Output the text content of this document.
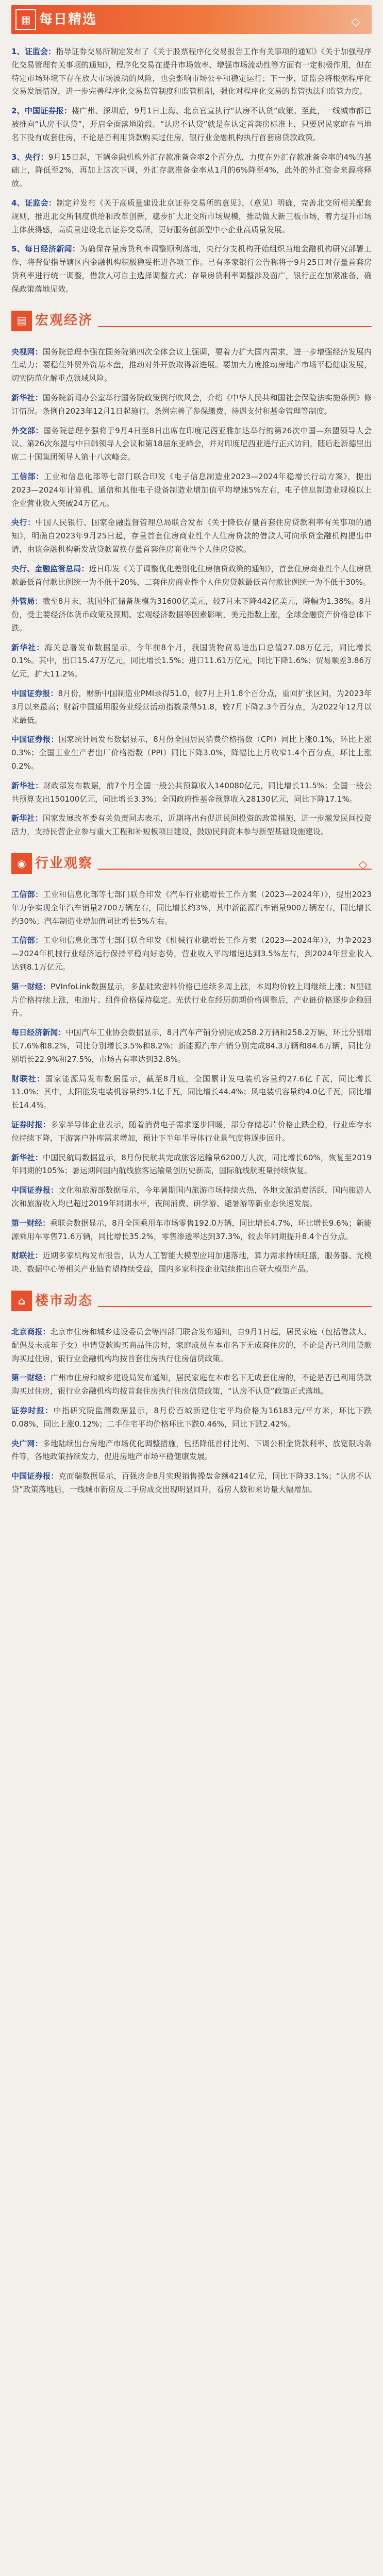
▦ 每日精选	◇

1、证监会：指导证券交易所制定发布了《关于股票程序化交易报告工作有关事项的通知》《关于加强程序化交易管理有关事项的通知》，程序化交易在提升市场效率、增强市场流动性等方面有一定积极作用，但在特定市场环境下存在放大市场波动的风险，也会影响市场公平和稳定运行；下一步，证监会将根据程序化交易发展情况，进一步完善程序化交易监管制度和监管机制，强化对程序化交易的监管执法和监管力度。

2、中国证券报：楼广州、深圳后，9月1日上海、北京官宣执行“认房不认贷”政策。至此，一线城市都已被推向“认房不认贷”，开启全面落地阶段。“认房不认贷”就是在认定首套房标准上，只要居民家庭在当地名下没有成套住房，不论是否利用贷款购买过住房，银行业金融机构执行首套房贷款政策。

3、央行：9月15日起，下调金融机构外汇存款准备金率2个百分点，力度在外汇存款准备金率的4%的基础上，降低至2%，再加上这次下调，外汇存款准备金率从1月的6%降至4%，此外的外汇资金来源将释放。

4、证监会：制定并发布《关于高质量建设北京证券交易所的意见》，（意见）明确，完善北交所相关配套规则，推进北交所制度供给和改革创新，稳步扩大北交所市场规模，推动做大新三板市场，着力提升市场主体获得感，高质量建设北京证券交易所，更好服务创新型中小企业高质量发展。

5、每日经济新闻：为确保存量房贷利率调整顺利落地，央行分支机构开始组织当地金融机构研究部署工作，将督促指导辖区内金融机构积极稳妥推进各项工作。已有多家银行公告称将于9月25日对存量首套房贷利率进行统一调整，借款人可自主选择调整方式；存量房贷利率调整涉及面广，银行正在加紧准备，确保政策落地见效。

▤ 宏观经济

央视网：国务院总理李强在国务院第四次全体会议上强调，要着力扩大国内需求，进一步增强经济发展内生动力；要稳住外贸外资基本盘，推动对外开放取得新进展。要加大力度推动房地产市场平稳健康发展，切实防范化解重点领域风险。

新华社：国务院新闻办公室举行国务院政策例行吹风会，介绍《中华人民共和国社会保险法实施条例》修订情况。条例自2023年12月1日起施行。条例完善了参保缴费、待遇支付和基金管理等制度。

外交部：国务院总理李强将于9月4日至8日出席在印度尼西亚雅加达举行的第26次中国—东盟领导人会议、第26次东盟与中日韩领导人会议和第18届东亚峰会，并对印度尼西亚进行正式访问，随后赴新德里出席二十国集团领导人第十八次峰会。

工信部：工业和信息化部等七部门联合印发《电子信息制造业2023—2024年稳增长行动方案》，提出2023—2024年计算机、通信和其他电子设备制造业增加值平均增速5%左右，电子信息制造业规模以上企业营业收入突破24万亿元。

央行：中国人民银行、国家金融监督管理总局联合发布《关于降低存量首套住房贷款利率有关事项的通知》，明确自2023年9月25日起，存量首套住房商业性个人住房贷款的借款人可向承贷金融机构提出申请，由该金融机构新发放贷款置换存量首套住房商业性个人住房贷款。

央行、金融监管总局：近日印发《关于调整优化差别化住房信贷政策的通知》，首套住房商业性个人住房贷款最低首付款比例统一为不低于20%，二套住房商业性个人住房贷款最低首付款比例统一为不低于30%。

外管局：截至8月末，我国外汇储备规模为31600亿美元，较7月末下降442亿美元，降幅为1.38%。8月份，受主要经济体货币政策及预期、宏观经济数据等因素影响，美元指数上涨，全球金融资产价格总体下跌。

新华社：海关总署发布数据显示，今年前8个月，我国货物贸易进出口总值27.08万亿元，同比增长0.1%。其中，出口15.47万亿元，同比增长1.5%；进口11.61万亿元，同比下降1.6%；贸易顺差3.86万亿元，扩大11.2%。

中国证券报：8月份，财新中国制造业PMI录得51.0，较7月上升1.8个百分点，重回扩张区间，为2023年3月以来最高；财新中国通用服务业经营活动指数录得51.8，较7月下降2.3个百分点，为2022年12月以来最低。

中国证券报：国家统计局发布数据显示，8月份全国居民消费价格指数（CPI）同比上涨0.1%，环比上涨0.3%；全国工业生产者出厂价格指数（PPI）同比下降3.0%，降幅比上月收窄1.4个百分点，环比上涨0.2%。

新华社：财政部发布数据，前7个月全国一般公共预算收入140080亿元，同比增长11.5%；全国一般公共预算支出150100亿元，同比增长3.3%；全国政府性基金预算收入28130亿元，同比下降17.1%。

新华社：国家发展改革委有关负责同志表示，近期将出台促进民间投资的政策措施，进一步激发民间投资活力，支持民营企业参与重大工程和补短板项目建设，鼓励民间资本参与新型基础设施建设。

◉ 行业观察	◇

工信部：工业和信息化部等七部门联合印发《汽车行业稳增长工作方案（2023—2024年）》，提出2023年力争实现全年汽车销量2700万辆左右，同比增长约3%，其中新能源汽车销量900万辆左右，同比增长约30%；汽车制造业增加值同比增长5%左右。

工信部：工业和信息化部等七部门联合印发《机械行业稳增长工作方案（2023—2024年）》，力争2023—2024年机械行业经济运行保持平稳向好态势，营业收入平均增速达到3.5%左右，到2024年营业收入达到8.1万亿元。

第一财经：PVInfoLink数据显示，多晶硅致密料价格已连续多周上涨，本周均价较上周继续上涨；N型硅片价格持续上涨，电池片、组件价格保持稳定。光伏行业在经历前期价格调整后，产业链价格逐步企稳回升。

每日经济新闻：中国汽车工业协会数据显示，8月汽车产销分别完成258.2万辆和258.2万辆，环比分别增长7.6%和8.2%，同比分别增长3.5%和8.2%；新能源汽车产销分别完成84.3万辆和84.6万辆，同比分别增长22.9%和27.5%，市场占有率达到32.8%。

财联社：国家能源局发布数据显示，截至8月底，全国累计发电装机容量约27.6亿千瓦，同比增长11.0%；其中，太阳能发电装机容量约5.1亿千瓦，同比增长44.4%；风电装机容量约4.0亿千瓦，同比增长14.4%。

证券时报：多家半导体企业表示，随着消费电子需求逐步回暖，部分存储芯片价格止跌企稳，行业库存水位持续下降，下游客户补库需求增加，预计下半年半导体行业景气度将逐步回升。

新华社：中国民航局数据显示，8月份民航共完成旅客运输量6200万人次，同比增长60%，恢复至2019年同期的105%；暑运期间国内航线旅客运输量创历史新高，国际航线航班量持续恢复。

中国证券报：文化和旅游部数据显示，今年暑期国内旅游市场持续火热，各地文旅消费活跃，国内旅游人次和旅游收入均已超过2019年同期水平，夜间消费、研学游、避暑游等新业态快速发展。

第一财经：乘联会数据显示，8月全国乘用车市场零售192.0万辆，同比增长4.7%，环比增长9.6%；新能源乘用车零售71.6万辆，同比增长35.2%，零售渗透率达到37.3%，较去年同期提升8.4个百分点。

财联社：近期多家机构发布报告，认为人工智能大模型应用加速落地，算力需求持续旺盛，服务器、光模块、数据中心等相关产业链有望持续受益，国内多家科技企业陆续推出自研大模型产品。

⌂ 楼市动态

北京商报：北京市住房和城乡建设委员会等四部门联合发布通知，自9月1日起，居民家庭（包括借款人、配偶及未成年子女）申请贷款购买商品住房时，家庭成员在本市名下无成套住房的，不论是否已利用贷款购买过住房，银行业金融机构均按首套住房执行住房信贷政策。

第一财经：广州市住房和城乡建设局发布通知，居民家庭在本市名下无成套住房的，不论是否已利用贷款购买过住房，银行业金融机构均按首套住房执行住房信贷政策，“认房不认贷”政策正式落地。

证券时报：中指研究院监测数据显示，8月份百城新建住宅平均价格为16183元/平方米，环比下跌0.08%，同比上涨0.12%；二手住宅平均价格环比下跌0.46%，同比下跌2.42%。

央广网：多地陆续出台房地产市场优化调整措施，包括降低首付比例、下调公积金贷款利率、放宽限购条件等，各地政策持续发力，促进房地产市场平稳健康发展。

中国证券报：克而瑞数据显示，百强房企8月实现销售操盘金额4214亿元，同比下降33.1%；“认房不认贷”政策落地后，一线城市新房及二手房成交出现明显回升，看房人数和来访量大幅增加。
